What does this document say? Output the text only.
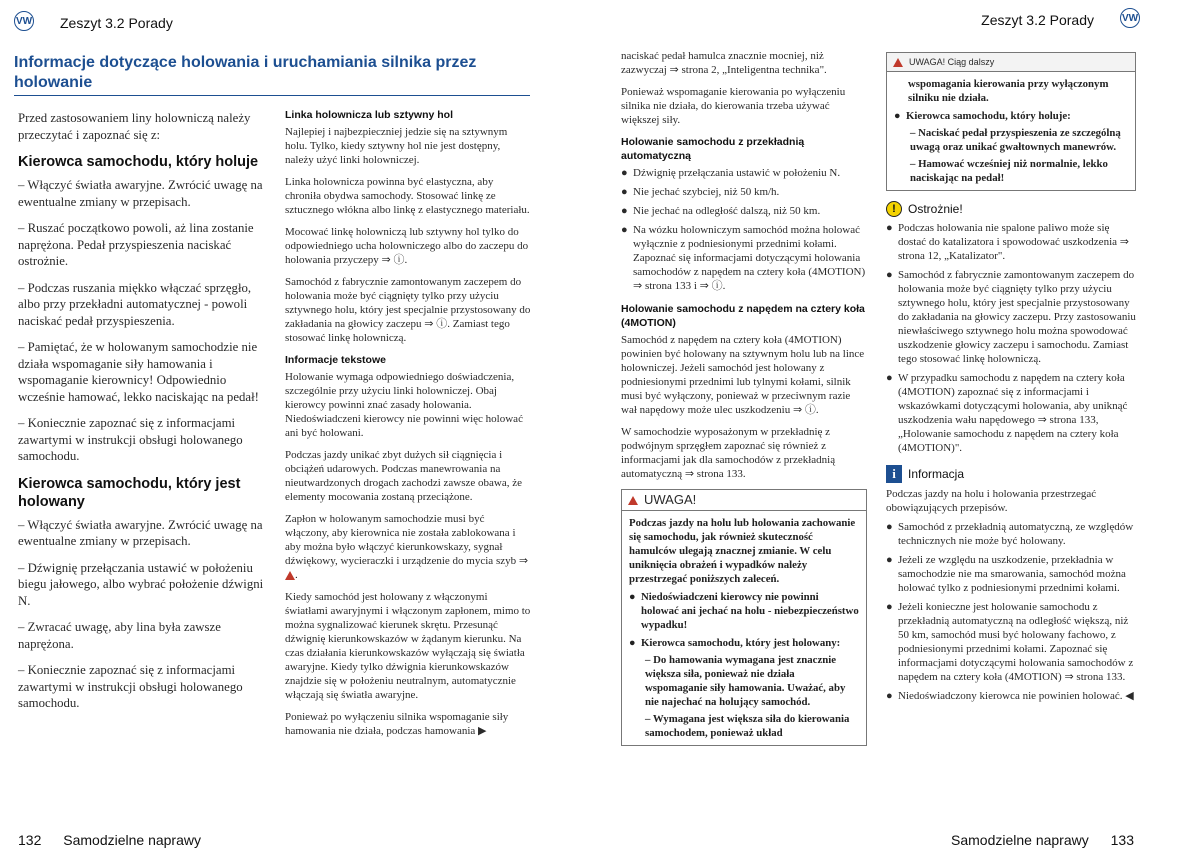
VW Zeszyt 3.2 Porady	Zeszyt 3.2 Porady	VW
Informacje dotyczące holowania i uruchamiania silnika przez holowanie

Przed zastosowaniem liny holowniczą należy przeczytać i zapoznać się z:

Kierowca samochodu, który holuje

– Włączyć światła awaryjne. Zwrócić uwagę na ewentualne zmiany w przepisach.

– Ruszać początkowo powoli, aż lina zostanie naprężona. Pedał przyspieszenia naciskać ostrożnie.

– Podczas ruszania miękko włączać sprzęgło, albo przy przekładni automatycznej - powoli naciskać pedał przyspieszenia.

– Pamiętać, że w holowanym samochodzie nie działa wspomaganie siły hamowania i wspomaganie kierownicy! Odpowiednio wcześnie hamować, lekko naciskając na pedał!

– Koniecznie zapoznać się z informacjami zawartymi w instrukcji obsługi holowanego samochodu.

Kierowca samochodu, który jest holowany

– Włączyć światła awaryjne. Zwrócić uwagę na ewentualne zmiany w przepisach.

– Dźwignię przełączania ustawić w położeniu biegu jałowego, albo wybrać położenie dźwigni N.

– Zwracać uwagę, aby lina była zawsze naprężona.

– Koniecznie zapoznać się z informacjami zawartymi w instrukcji obsługi holowanego samochodu.

Linka holownicza lub sztywny hol

Najlepiej i najbezpieczniej jedzie się na sztywnym holu. Tylko, kiedy sztywny hol nie jest dostępny, należy użyć linki holowniczej.

Linka holownicza powinna być elastyczna, aby chroniła obydwa samochody. Stosować linkę ze sztucznego włókna albo linkę z elastycznego materiału.

Mocować linkę holowniczą lub sztywny hol tylko do odpowiedniego ucha holowniczego albo do zaczepu do holowania przyczepy ⇒ ⓘ.

Samochód z fabrycznie zamontowanym zaczepem do holowania może być ciągnięty tylko przy użyciu sztywnego holu, który jest specjalnie przystosowany do zakładania na głowicy zaczepu ⇒ ⓘ. Zamiast tego stosować linkę holowniczą.

Informacje tekstowe

Holowanie wymaga odpowiedniego doświadczenia, szczególnie przy użyciu linki holowniczej. Obaj kierowcy powinni znać zasady holowania. Niedoświadczeni kierowcy nie powinni więc holować ani być holowani.

Podczas jazdy unikać zbyt dużych sił ciągnięcia i obciążeń udarowych. Podczas manewrowania na nieutwardzonych drogach zachodzi zawsze obawa, że elementy mocowania zostaną przeciążone.

Zapłon w holowanym samochodzie musi być włączony, aby kierownica nie została zablokowana i aby można było włączyć kierunkowskazy, sygnał dźwiękowy, wycieraczki i urządzenie do mycia szyb ⇒ .

Kiedy samochód jest holowany z włączonymi światłami awaryjnymi i włączonym zapłonem, mimo to można sygnalizować kierunek skrętu. Przesunąć dźwignię kierunkowskazów w żądanym kierunku. Na czas działania kierunkowskazów wyłączają się światła awaryjne. Kiedy tylko dźwignia kierunkowskazów znajdzie się w położeniu neutralnym, automatycznie włączają się światła awaryjne.

Ponieważ po wyłączeniu silnika wspomaganie siły hamowania nie działa, podczas hamowania ▶

naciskać pedał hamulca znacznie mocniej, niż zazwyczaj ⇒ strona 2, „Inteligentna technika".

Ponieważ wspomaganie kierowania po wyłączeniu silnika nie działa, do kierowania trzeba używać większej siły.

Holowanie samochodu z przekładnią automatyczną
● Dźwignię przełączania ustawić w położeniu N.
● Nie jechać szybciej, niż 50 km/h.
● Nie jechać na odległość dalszą, niż 50 km.
● Na wózku holowniczym samochód można holować wyłącznie z podniesionymi przednimi kołami. Zapoznać się informacjami dotyczącymi holowania samochodów z napędem na cztery koła (4MOTION) ⇒ strona 133 i ⇒ ⓘ.
Holowanie samochodu z napędem na cztery koła (4MOTION)

Samochód z napędem na cztery koła (4MOTION) powinien być holowany na sztywnym holu lub na lince holowniczej. Jeżeli samochód jest holowany z podniesionymi przednimi lub tylnymi kołami, silnik musi być wyłączony, ponieważ w przeciwnym razie wał napędowy może ulec uszkodzeniu ⇒ ⓘ.

W samochodzie wyposażonym w przekładnię z podwójnym sprzęgłem zapoznać się również z informacjami jak dla samochodów z przekładnią automatyczną ⇒ strona 133.

UWAGA!
Podczas jazdy na holu lub holowania zachowanie się samochodu, jak również skuteczność hamulców ulegają znacznej zmianie. W celu uniknięcia obrażeń i wypadków należy przestrzegać poniższych zaleceń.
● Niedoświadczeni kierowcy nie powinni holować ani jechać na holu - niebezpieczeństwo wypadku!
● Kierowca samochodu, który jest holowany:
– Do hamowania wymagana jest znacznie większa siła, ponieważ nie działa wspomaganie siły hamowania. Uważać, aby nie najechać na holujący samochód.
– Wymagana jest większa siła do kierowania samochodem, ponieważ układ
UWAGA! Ciąg dalszy
wspomagania kierowania przy wyłączonym silniku nie działa.
● Kierowca samochodu, który holuje:
– Naciskać pedał przyspieszenia ze szczególną uwagą oraz unikać gwałtownych manewrów.
– Hamować wcześniej niż normalnie, lekko naciskając na pedał!
!	Ostrożnie!
● Podczas holowania nie spalone paliwo może się dostać do katalizatora i spowodować uszkodzenia ⇒ strona 12, „Katalizator".
● Samochód z fabrycznie zamontowanym zaczepem do holowania może być ciągnięty tylko przy użyciu sztywnego holu, który jest specjalnie przystosowany do zakładania na głowicy zaczepu. Przy zastosowaniu niewłaściwego sztywnego holu można spowodować uszkodzenie głowicy zaczepu i samochodu. Zamiast tego stosować linkę holowniczą.
● W przypadku samochodu z napędem na cztery koła (4MOTION) zapoznać się z informacjami i wskazówkami dotyczącymi holowania, aby uniknąć uszkodzenia wału napędowego ⇒ strona 133, „Holowanie samochodu z napędem na cztery koła (4MOTION)".
i	Informacja

Podczas jazdy na holu i holowania przestrzegać obowiązujących przepisów.

● Samochód z przekładnią automatyczną, ze względów technicznych nie może być holowany.
● Jeżeli ze względu na uszkodzenie, przekładnia w samochodzie nie ma smarowania, samochód można holować tylko z podniesionymi przednimi kołami.
● Jeżeli konieczne jest holowanie samochodu z przekładnią automatyczną na odległość większą, niż 50 km, samochód musi być holowany fachowo, z podniesionymi przednimi kołami. Zapoznać się informacjami dotyczącymi holowania samochodów z napędem na cztery koła (4MOTION) ⇒ strona 133.
● Niedoświadczony kierowca nie powinien holować. ◀
132 Samodzielne naprawy	Samodzielne naprawy 133
